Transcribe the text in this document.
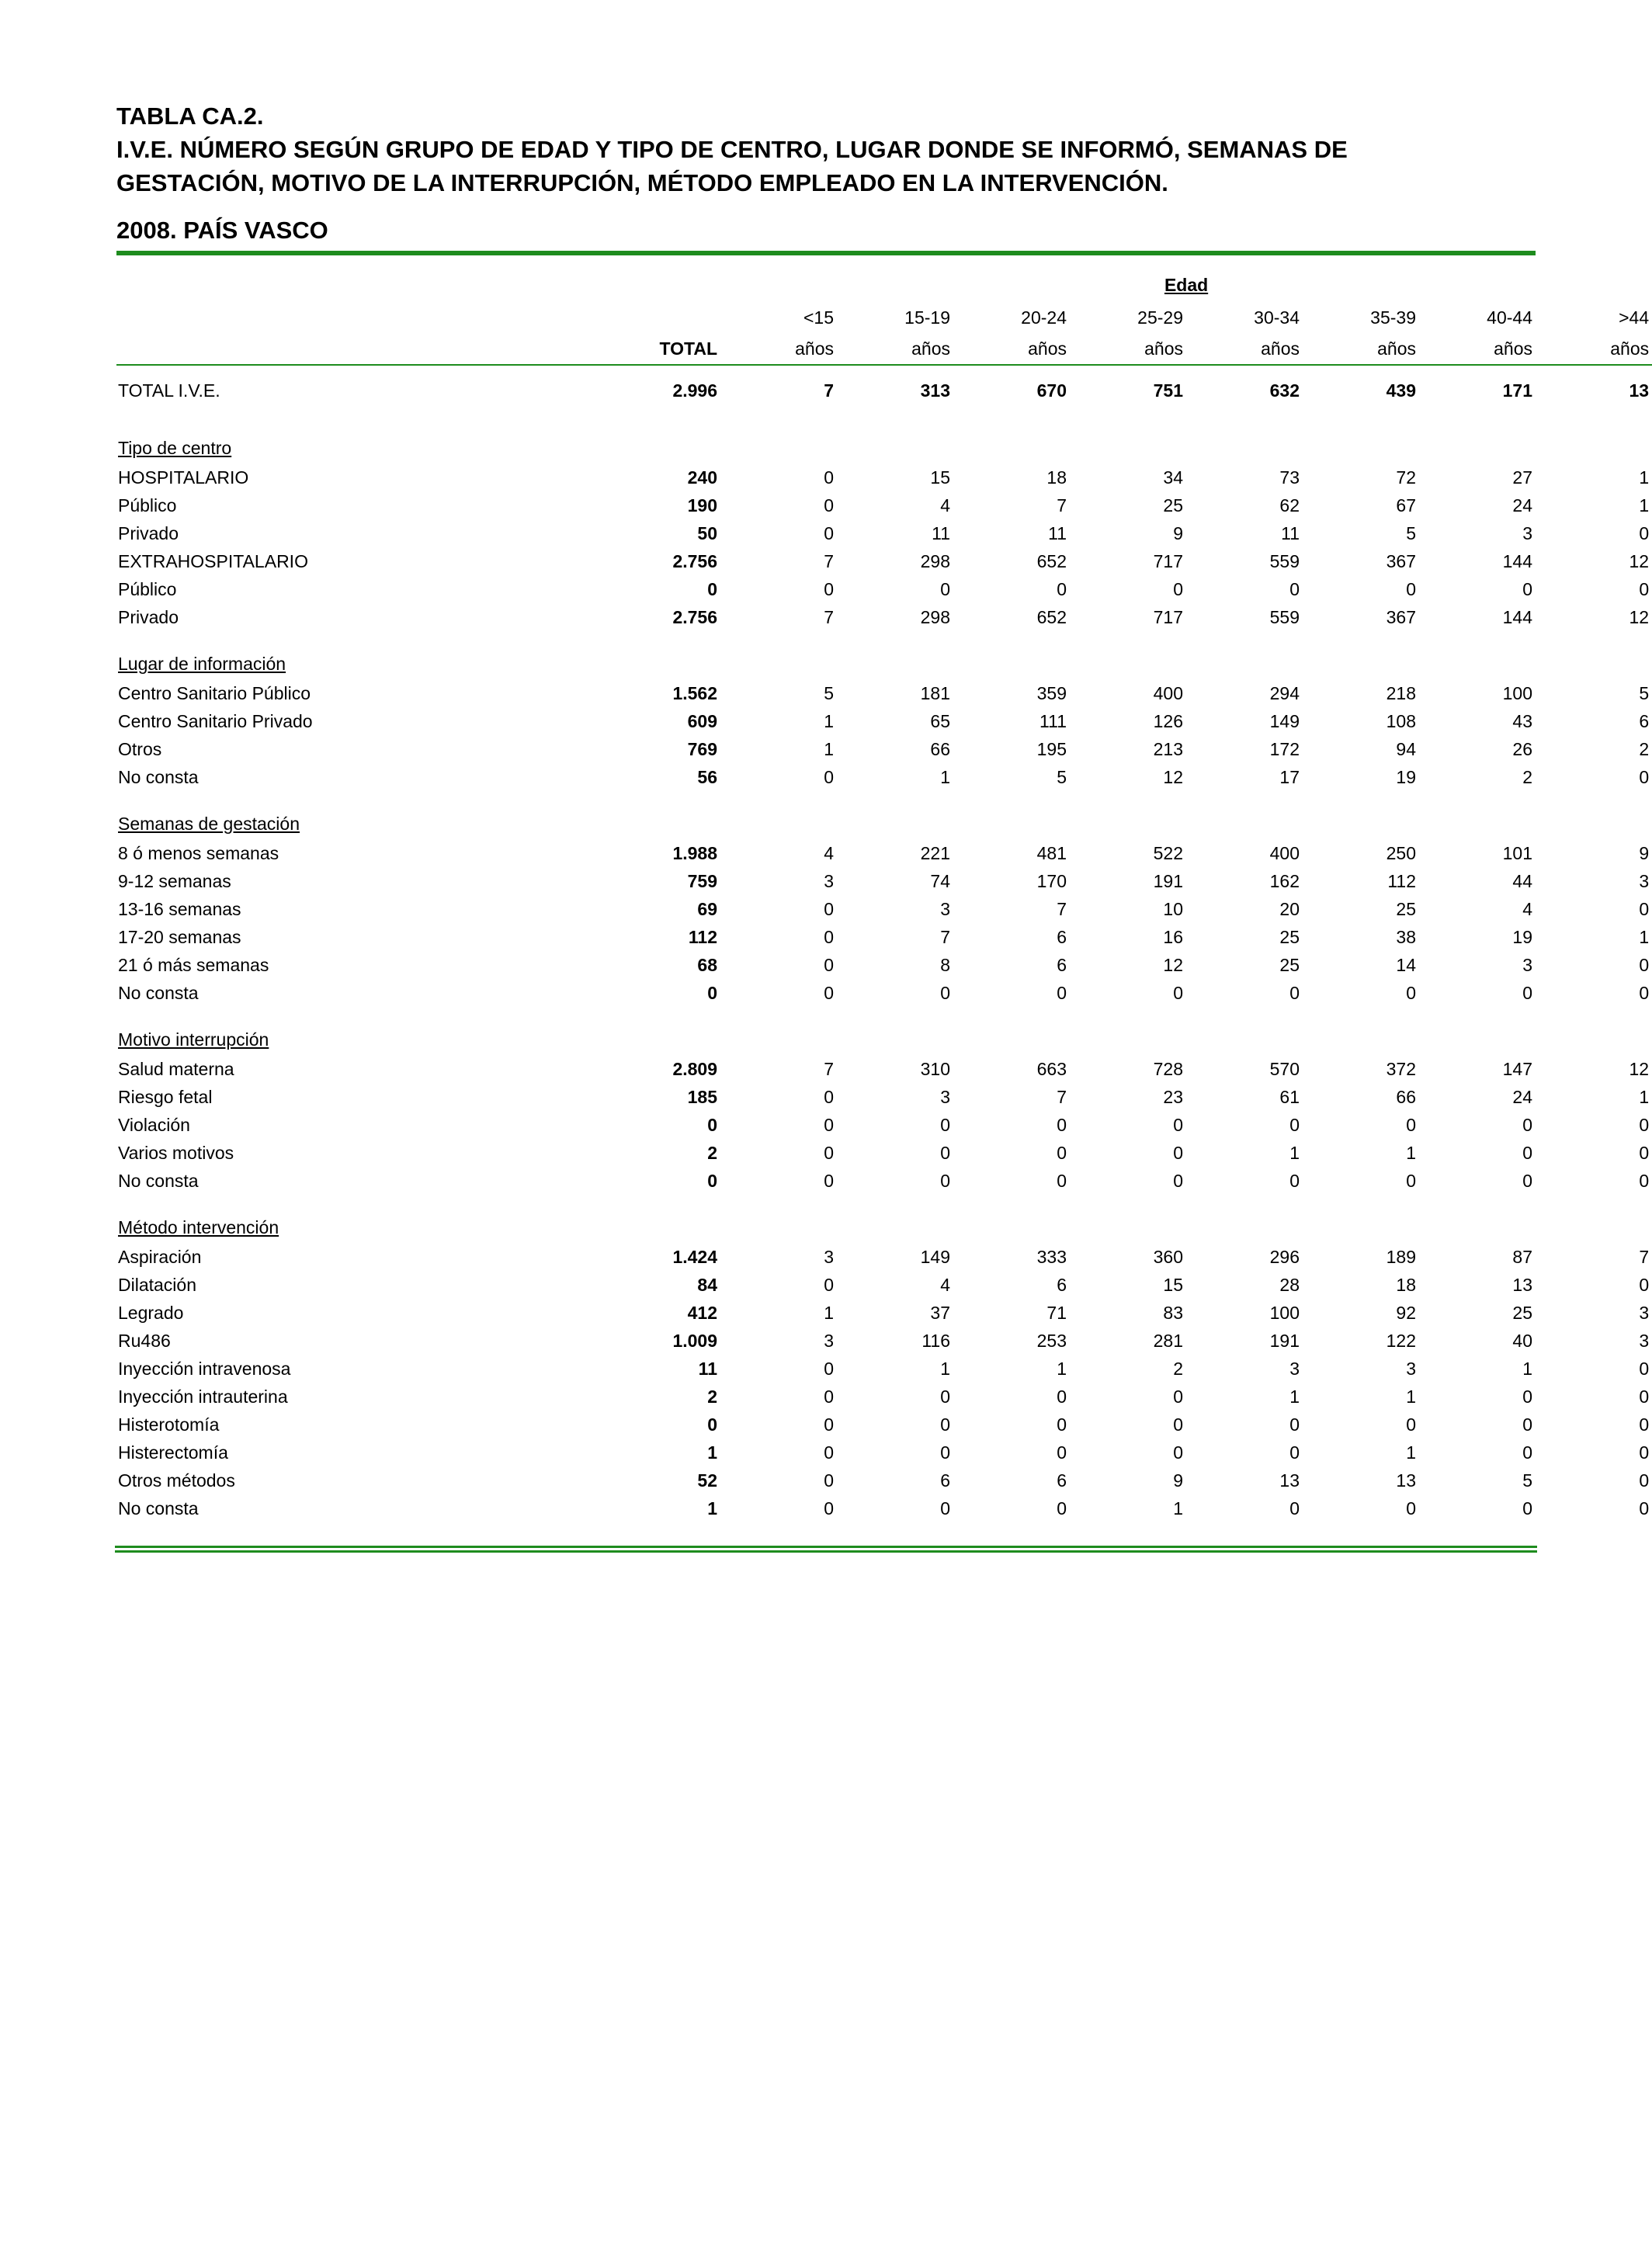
TABLA CA.2.
I.V.E. NÚMERO SEGÚN GRUPO DE EDAD Y TIPO DE CENTRO, LUGAR DONDE SE INFORMÓ, SEMANAS DE
GESTACIÓN, MOTIVO DE LA INTERRUPCIÓN, MÉTODO EMPLEADO EN LA INTERVENCIÓN.
2008. PAÍS VASCO
		Edad							
		<15	15-19	20-24	25-29	30-34	35-39	40-44	>44
	TOTAL	años	años	años	años	años	años	años	años
TOTAL I.V.E.	2.996	7	313	670	751	632	439	171	13

Tipo de centro									
HOSPITALARIO	240	0	15	18	34	73	72	27	1
Público	190	0	4	7	25	62	67	24	1
Privado	50	0	11	11	9	11	5	3	0
EXTRAHOSPITALARIO	2.756	7	298	652	717	559	367	144	12
Público	0	0	0	0	0	0	0	0	0
Privado	2.756	7	298	652	717	559	367	144	12

Lugar de información									
Centro Sanitario Público	1.562	5	181	359	400	294	218	100	5
Centro Sanitario Privado	609	1	65	111	126	149	108	43	6
Otros	769	1	66	195	213	172	94	26	2
No consta	56	0	1	5	12	17	19	2	0

Semanas de gestación									
8 ó menos semanas	1.988	4	221	481	522	400	250	101	9
9-12 semanas	759	3	74	170	191	162	112	44	3
13-16 semanas	69	0	3	7	10	20	25	4	0
17-20 semanas	112	0	7	6	16	25	38	19	1
21 ó más semanas	68	0	8	6	12	25	14	3	0
No consta	0	0	0	0	0	0	0	0	0

Motivo interrupción									
Salud materna	2.809	7	310	663	728	570	372	147	12
Riesgo fetal	185	0	3	7	23	61	66	24	1
Violación	0	0	0	0	0	0	0	0	0
Varios motivos	2	0	0	0	0	1	1	0	0
No consta	0	0	0	0	0	0	0	0	0

Método intervención									
Aspiración	1.424	3	149	333	360	296	189	87	7
Dilatación	84	0	4	6	15	28	18	13	0
Legrado	412	1	37	71	83	100	92	25	3
Ru486	1.009	3	116	253	281	191	122	40	3
Inyección intravenosa	11	0	1	1	2	3	3	1	0
Inyección intrauterina	2	0	0	0	0	1	1	0	0
Histerotomía	0	0	0	0	0	0	0	0	0
Histerectomía	1	0	0	0	0	0	1	0	0
Otros métodos	52	0	6	6	9	13	13	5	0
No consta	1	0	0	0	1	0	0	0	0
